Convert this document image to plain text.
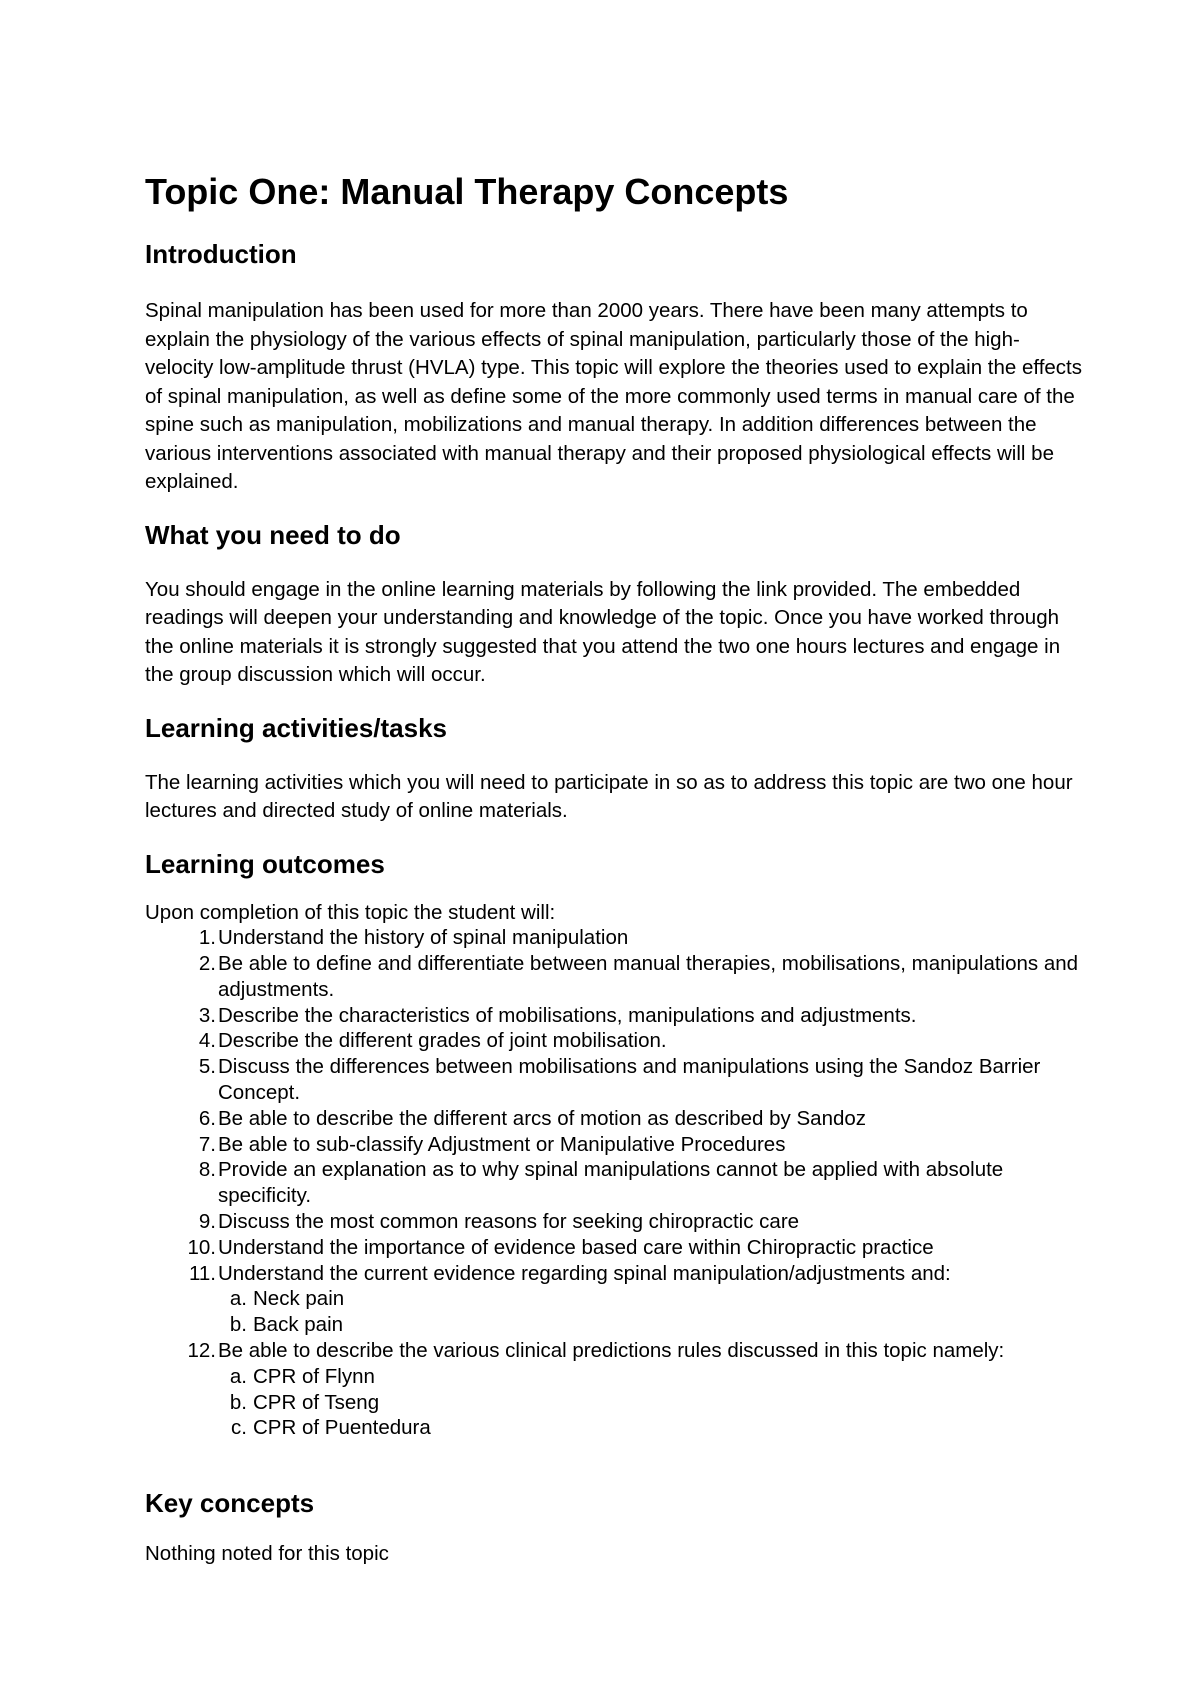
Topic One: Manual Therapy Concepts
Introduction

Spinal manipulation has been used for more than 2000 years. There have been many attempts to explain the physiology of the various effects of spinal manipulation, particularly those of the high-velocity low-amplitude thrust (HVLA) type. This topic will explore the theories used to explain the effects of spinal manipulation, as well as define some of the more commonly used terms in manual care of the spine such as manipulation, mobilizations and manual therapy. In addition differences between the various interventions associated with manual therapy and their proposed physiological effects will be explained.

What you need to do

You should engage in the online learning materials by following the link provided. The embedded readings will deepen your understanding and knowledge of the topic. Once you have worked through the online materials it is strongly suggested that you attend the two one hours lectures and engage in the group discussion which will occur.

Learning activities/tasks

The learning activities which you will need to participate in so as to address this topic are two one hour lectures and directed study of online materials.

Learning outcomes

Upon completion of this topic the student will:

1. Understand the history of spinal manipulation
2. Be able to define and differentiate between manual therapies, mobilisations, manipulations and adjustments.
3. Describe the characteristics of mobilisations, manipulations and adjustments.
4. Describe the different grades of joint mobilisation.
5. Discuss the differences between mobilisations and manipulations using the Sandoz Barrier Concept.
6. Be able to describe the different arcs of motion as described by Sandoz
7. Be able to sub-classify Adjustment or Manipulative Procedures
8. Provide an explanation as to why spinal manipulations cannot be applied with absolute specificity.
9. Discuss the most common reasons for seeking chiropractic care
10. Understand the importance of evidence based care within Chiropractic practice
11. Understand the current evidence regarding spinal manipulation/adjustments and:
a. Neck pain
b. Back pain
12. Be able to describe the various clinical predictions rules discussed in this topic namely:
a. CPR of Flynn
b. CPR of Tseng
c. CPR of Puentedura
Key concepts

Nothing noted for this topic
